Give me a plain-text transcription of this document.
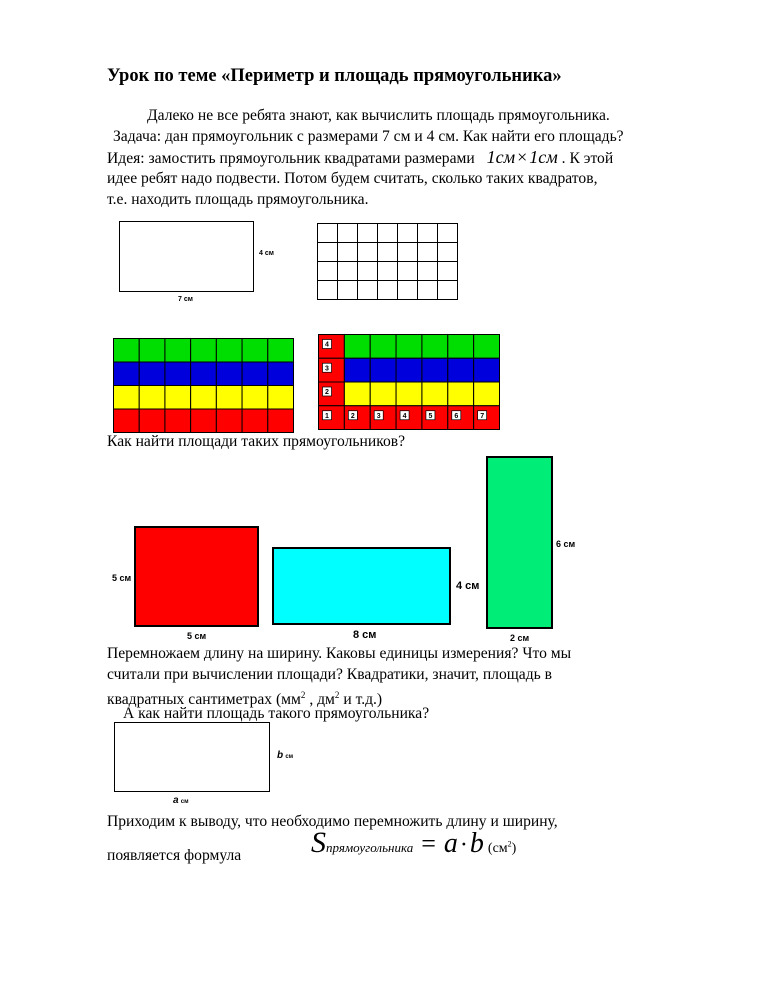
Урок по теме «Периметр и площадь прямоугольника»
Далеко не все ребята знают, как вычислить площадь прямоугольника.
Задача: дан прямоугольник с размерами 7 см и 4 см. Как найти его площадь?
Идея: замостить прямоугольник квадратами размерами 1см × 1см . К этой
идее ребят надо подвести. Потом будем считать, сколько таких квадратов,
т.е. находить площадь прямоугольника.
4 см
7 см
1	2	3	4	5	6	7
4
3
2
Как найти площади таких прямоугольников?
5 см
5 см
4 см
8 см
6 см
2 см
Перемножаем длину на ширину. Каковы единицы измерения? Что мы
считали при вычислении площади? Квадратики, значит, площадь в
квадратных сантиметрах ($мм^2$ , $дм^2$ и т.д.)
А как найти площадь такого прямоугольника?
b см
a см
Приходим к выводу, что необходимо перемножить длину и ширину,
появляется формула Sпрямоугольника = a·b $(см^2)$
